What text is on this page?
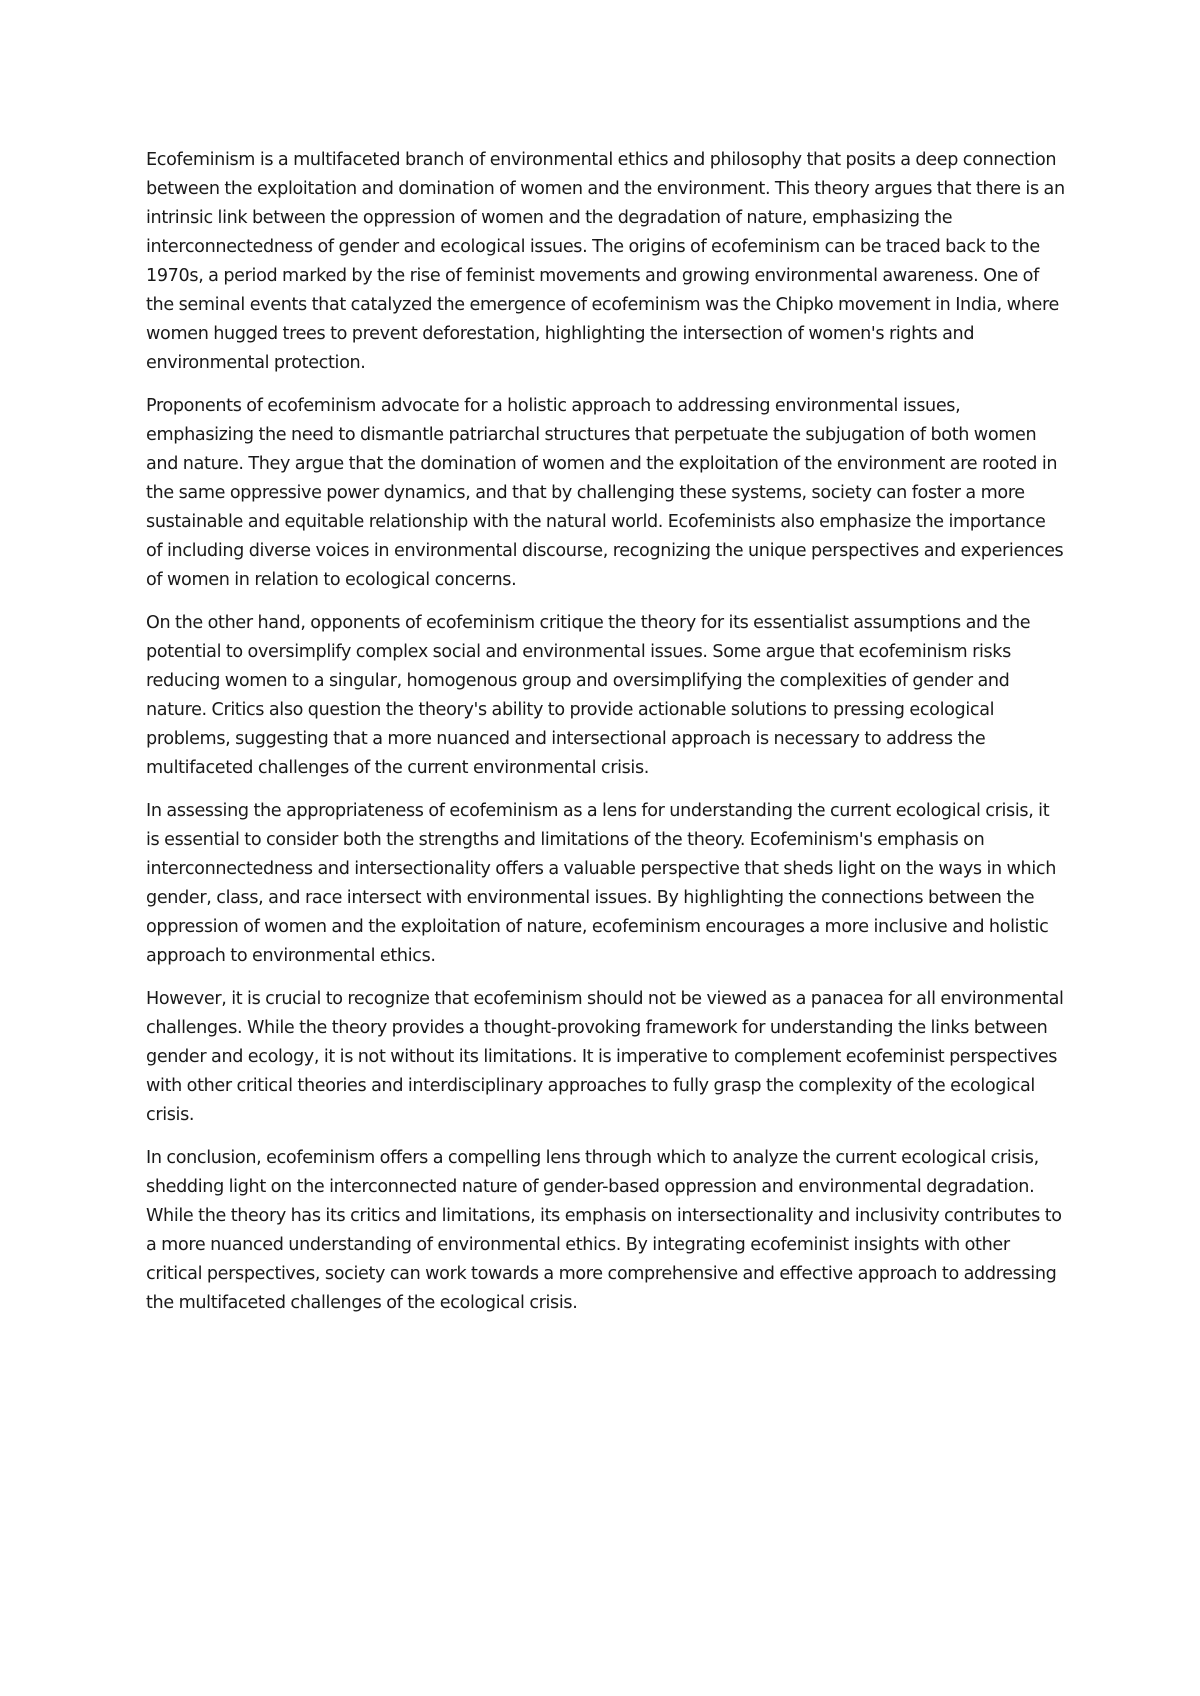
Ecofeminism is a multifaceted branch of environmental ethics and philosophy that posits a deep connection between the exploitation and domination of women and the environment. This theory argues that there is an intrinsic link between the oppression of women and the degradation of nature, emphasizing the interconnectedness of gender and ecological issues. The origins of ecofeminism can be traced back to the 1970s, a period marked by the rise of feminist movements and growing environmental awareness. One of the seminal events that catalyzed the emergence of ecofeminism was the Chipko movement in India, where women hugged trees to prevent deforestation, highlighting the intersection of women's rights and environmental protection.

Proponents of ecofeminism advocate for a holistic approach to addressing environmental issues, emphasizing the need to dismantle patriarchal structures that perpetuate the subjugation of both women and nature. They argue that the domination of women and the exploitation of the environment are rooted in the same oppressive power dynamics, and that by challenging these systems, society can foster a more sustainable and equitable relationship with the natural world. Ecofeminists also emphasize the importance of including diverse voices in environmental discourse, recognizing the unique perspectives and experiences of women in relation to ecological concerns.

On the other hand, opponents of ecofeminism critique the theory for its essentialist assumptions and the potential to oversimplify complex social and environmental issues. Some argue that ecofeminism risks reducing women to a singular, homogenous group and oversimplifying the complexities of gender and nature. Critics also question the theory's ability to provide actionable solutions to pressing ecological problems, suggesting that a more nuanced and intersectional approach is necessary to address the multifaceted challenges of the current environmental crisis.

In assessing the appropriateness of ecofeminism as a lens for understanding the current ecological crisis, it is essential to consider both the strengths and limitations of the theory. Ecofeminism's emphasis on interconnectedness and intersectionality offers a valuable perspective that sheds light on the ways in which gender, class, and race intersect with environmental issues. By highlighting the connections between the oppression of women and the exploitation of nature, ecofeminism encourages a more inclusive and holistic approach to environmental ethics.

However, it is crucial to recognize that ecofeminism should not be viewed as a panacea for all environmental challenges. While the theory provides a thought-provoking framework for understanding the links between gender and ecology, it is not without its limitations. It is imperative to complement ecofeminist perspectives with other critical theories and interdisciplinary approaches to fully grasp the complexity of the ecological crisis.

In conclusion, ecofeminism offers a compelling lens through which to analyze the current ecological crisis, shedding light on the interconnected nature of gender-based oppression and environmental degradation. While the theory has its critics and limitations, its emphasis on intersectionality and inclusivity contributes to a more nuanced understanding of environmental ethics. By integrating ecofeminist insights with other critical perspectives, society can work towards a more comprehensive and effective approach to addressing the multifaceted challenges of the ecological crisis.
